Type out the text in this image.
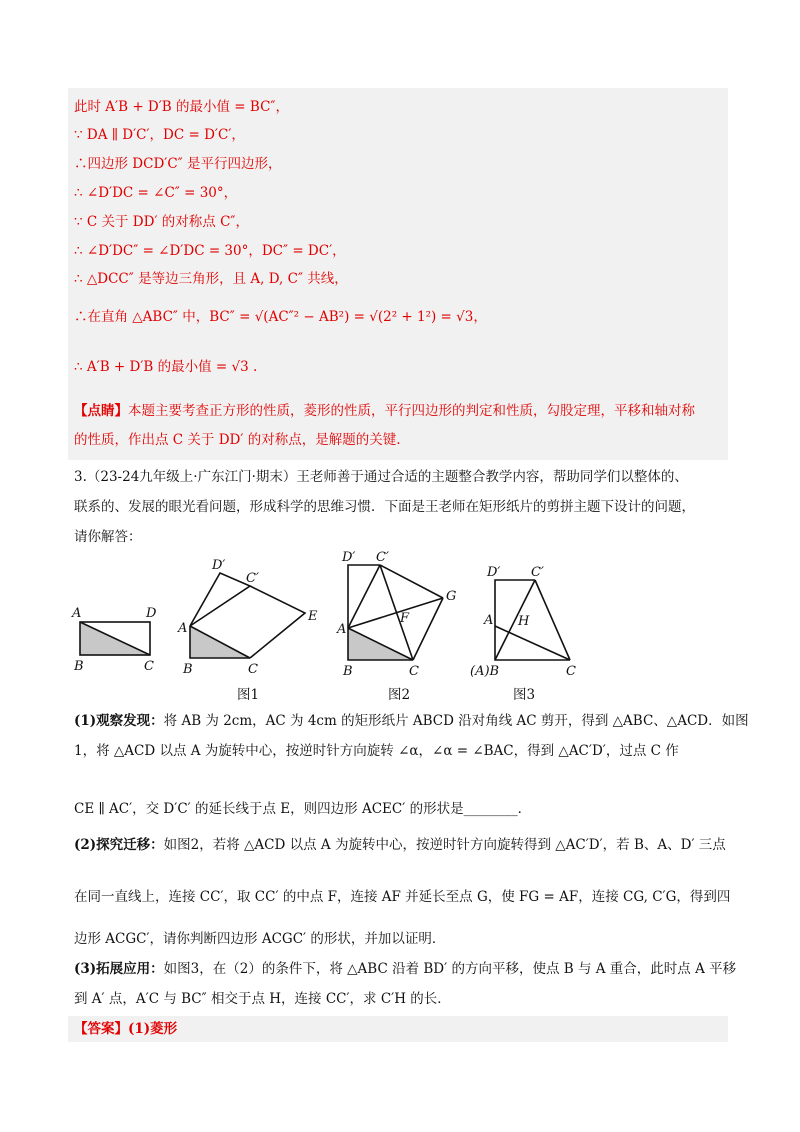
此时 A′B + D′B 的最小值 = BC″，
∵ DA ∥ D′C′，DC = D′C′，
∴四边形 DCD′C″ 是平行四边形，
∴ ∠D′DC = ∠C″ = 30°，
∵ C 关于 DD′ 的对称点 C″，
∴ ∠D′DC″ = ∠D′DC = 30°，DC″ = DC′，
∴ △DCC″ 是等边三角形，且 A, D, C″ 共线，
∴在直角 △ABC″ 中，BC″ = √(AC″² − AB²) = √(2² + 1²) = √3，
∴ A′B + D′B 的最小值 = √3 .
【点睛】本题主要考查正方形的性质，菱形的性质，平行四边形的判定和性质，勾股定理，平移和轴对称
的性质，作出点 C 关于 DD′ 的对称点，是解题的关键.
3.（23-24九年级上·广东江门·期末）王老师善于通过合适的主题整合教学内容，帮助同学们以整体的、
联系的、发展的眼光看问题，形成科学的思维习惯．下面是王老师在矩形纸片的剪拼主题下设计的问题，
请你解答：
A	D
B	C
D′
C′
E
A
B	C
D′ C′
G
F
A
B	C
D′ C′
A H
(A)B	C
图1	图2	图3
(1)观察发现：将 AB 为 2cm，AC 为 4cm 的矩形纸片 ABCD 沿对角线 AC 剪开，得到 △ABC、△ACD．如图
1，将 △ACD 以点 A 为旋转中心，按逆时针方向旋转 ∠α，∠α = ∠BAC，得到 △AC′D′，过点 C 作
CE ∥ AC′，交 D′C′ 的延长线于点 E，则四边形 ACEC′ 的形状是________．
(2)探究迁移：如图2，若将 △ACD 以点 A 为旋转中心，按逆时针方向旋转得到 △AC′D′，若 B、A、D′ 三点
在同一直线上，连接 CC′，取 CC′ 的中点 F，连接 AF 并延长至点 G，使 FG = AF，连接 CG, C′G，得到四
边形 ACGC′，请你判断四边形 ACGC′ 的形状，并加以证明．
(3)拓展应用：如图3，在（2）的条件下，将 △ABC 沿着 BD′ 的方向平移，使点 B 与 A 重合，此时点 A 平移
到 A′ 点，A′C 与 BC″ 相交于点 H，连接 CC′，求 C′H 的长．
【答案】(1)菱形
